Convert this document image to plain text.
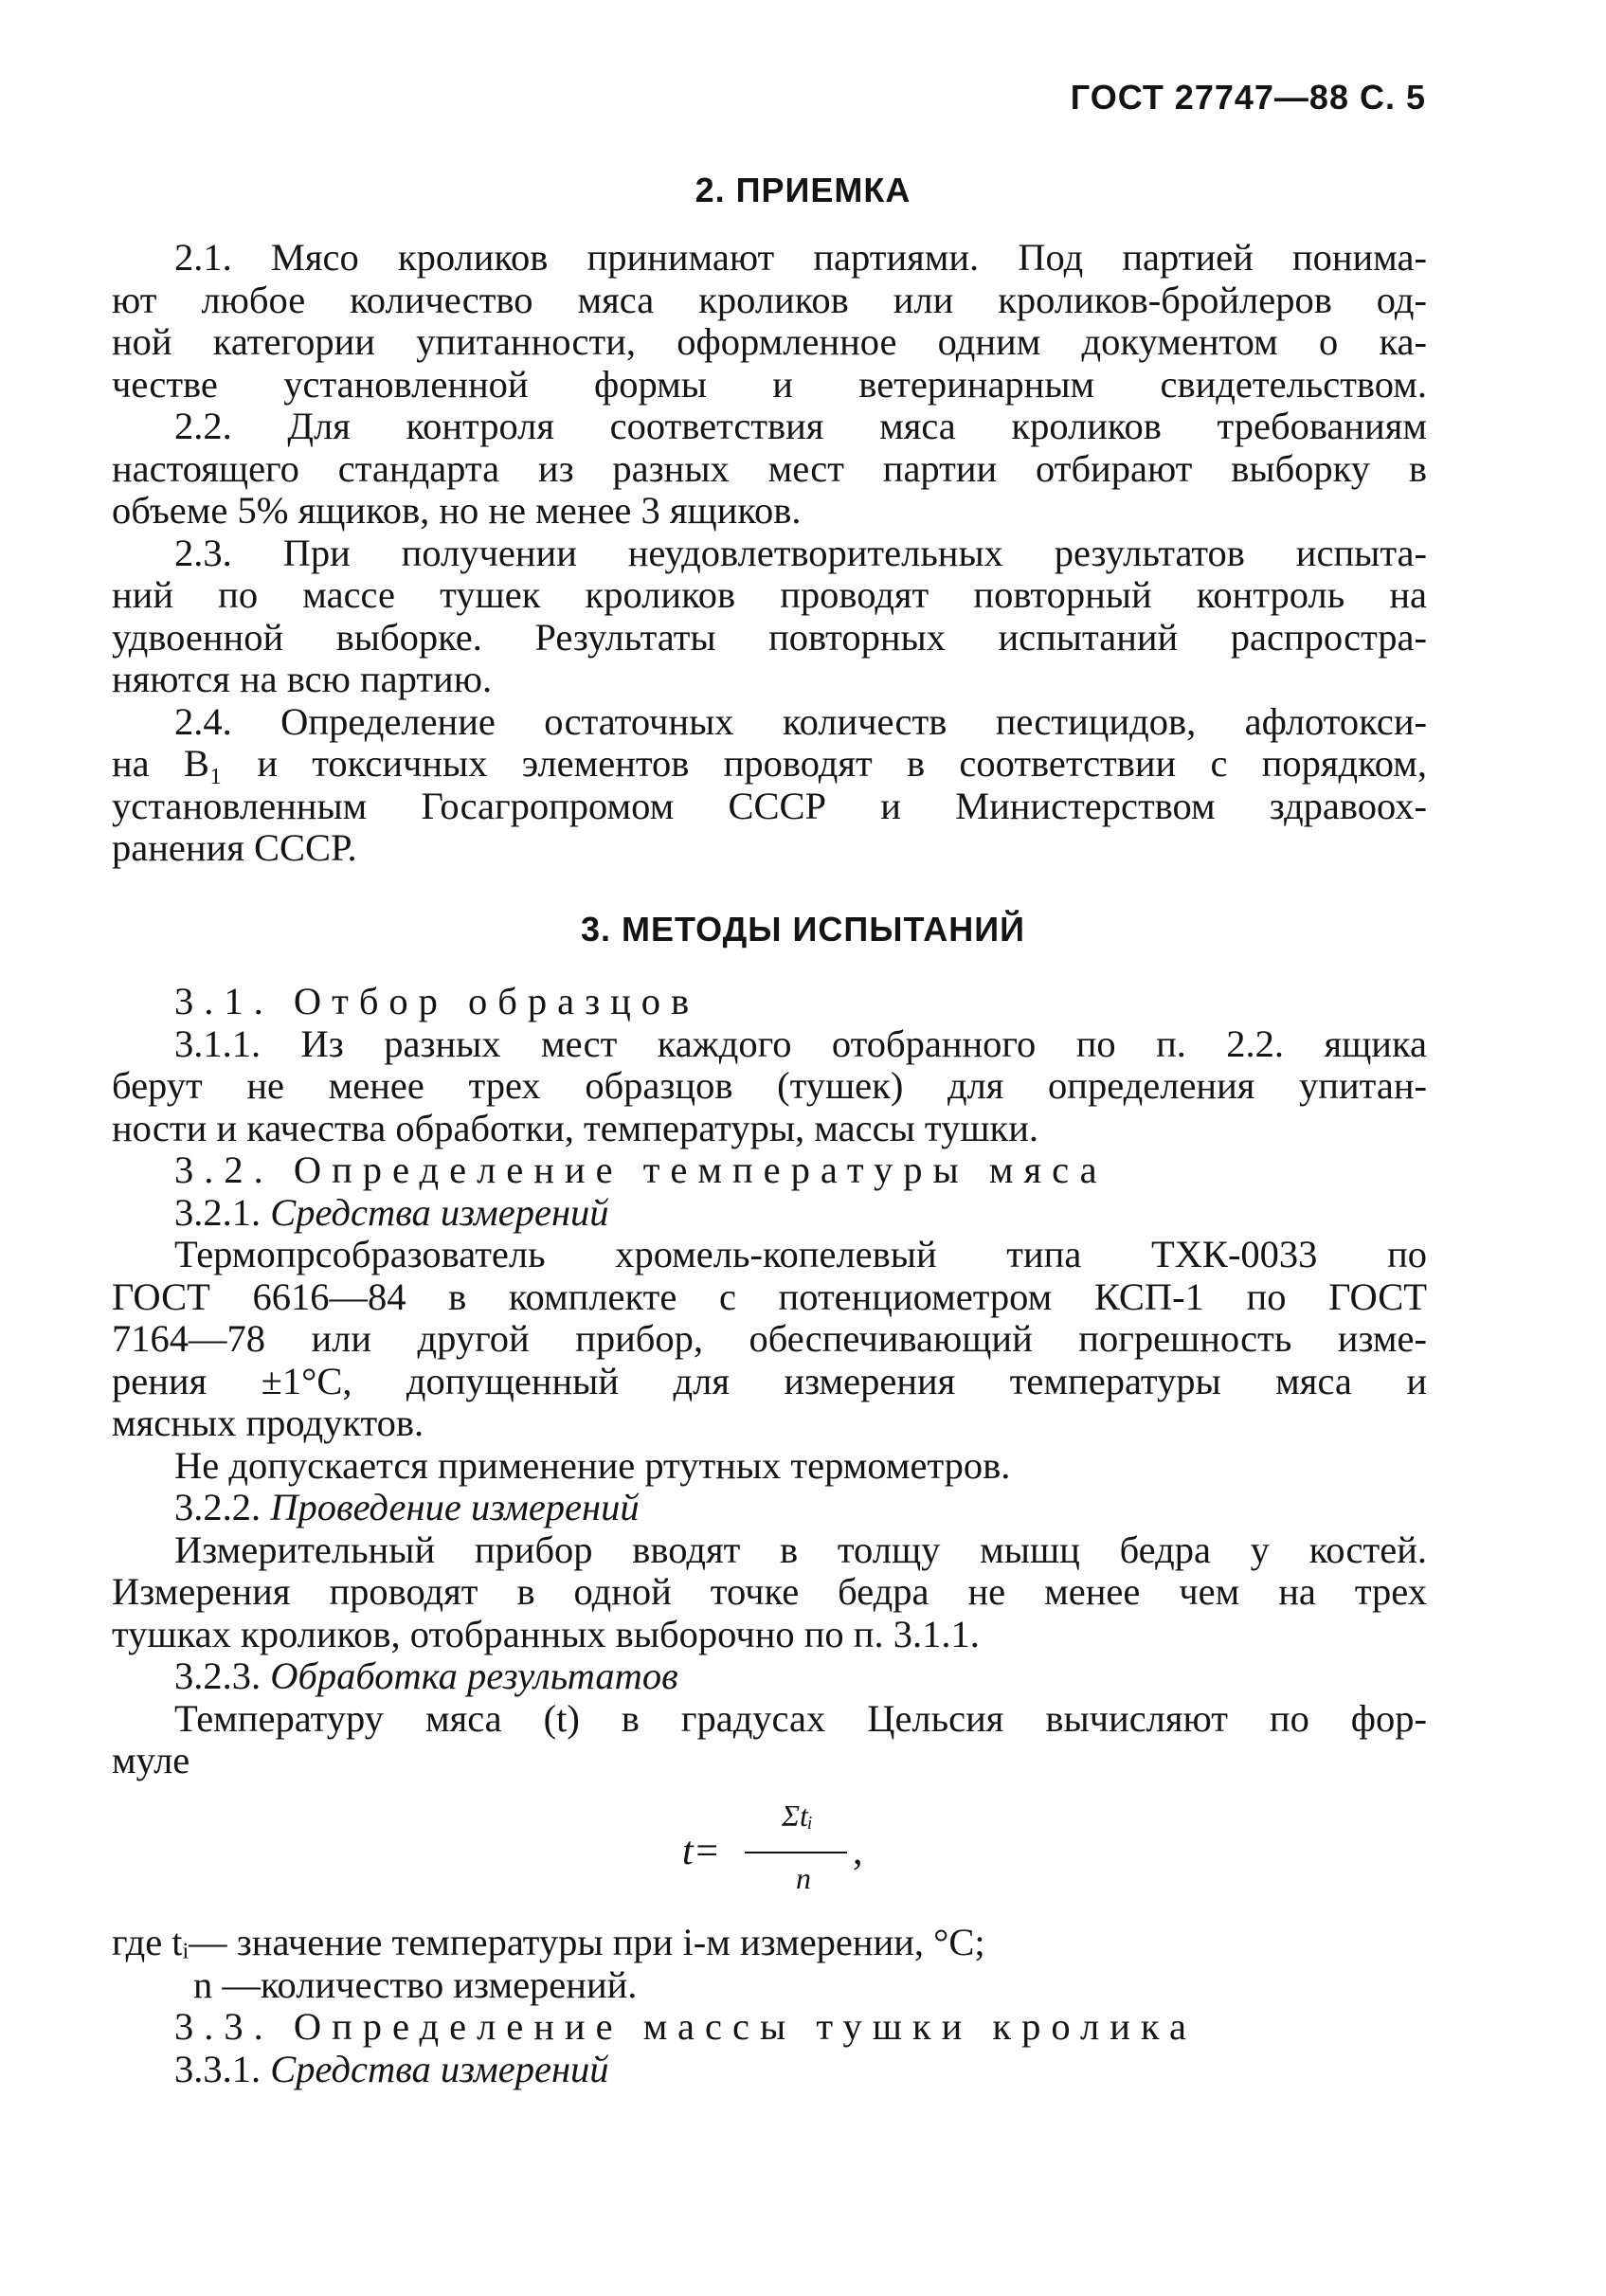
ГОСТ 27747—88 С. 5
2. ПРИЕМКА
2.1. Мясо кроликов принимают партиями. Под партией понима-
ют любое количество мяса кроликов или кроликов-бройлеров од-
ной категории упитанности, оформленное одним документом о ка-
честве установленной формы и ветеринарным свидетельством.
2.2. Для контроля соответствия мяса кроликов требованиям
настоящего стандарта из разных мест партии отбирают выборку в
объеме 5% ящиков, но не менее 3 ящиков.
2.3. При получении неудовлетворительных результатов испыта-
ний по массе тушек кроликов проводят повторный контроль на
удвоенной выборке. Результаты повторных испытаний распростра-
няются на всю партию.
2.4. Определение остаточных количеств пестицидов, афлотокси-
на В₁ и токсичных элементов проводят в соответствии с порядком,
установленным Госагропромом СССР и Министерством здравоох-
ранения СССР.
3. МЕТОДЫ ИСПЫТАНИЙ
3.1. Отбор образцов
3.1.1. Из разных мест каждого отобранного по п. 2.2. ящика
берут не менее трех образцов (тушек) для определения упитан-
ности и качества обработки, температуры, массы тушки.
3.2. Определение температуры мяса
3.2.1. Средства измерений
Термопрсобразователь хромель-копелевый типа ТХК-0033 по
ГОСТ 6616—84 в комплекте с потенциометром КСП-1 по ГОСТ
7164—78 или другой прибор, обеспечивающий погрешность изме-
рения ±1°С, допущенный для измерения температуры мяса и
мясных продуктов.
Не допускается применение ртутных термометров.
3.2.2. Проведение измерений
Измерительный прибор вводят в толщу мышц бедра у костей.
Измерения проводят в одной точке бедра не менее чем на трех
тушках кроликов, отобранных выборочно по п. 3.1.1.
3.2.3. Обработка результатов
Температуру мяса (t) в градусах Цельсия вычисляют по фор-
муле
t=
Σtᵢ
n
,
где tᵢ— значение температуры при i-м измерении, °С;
n —количество измерений.
3.3. Определение массы тушки кролика
3.3.1. Средства измерений
